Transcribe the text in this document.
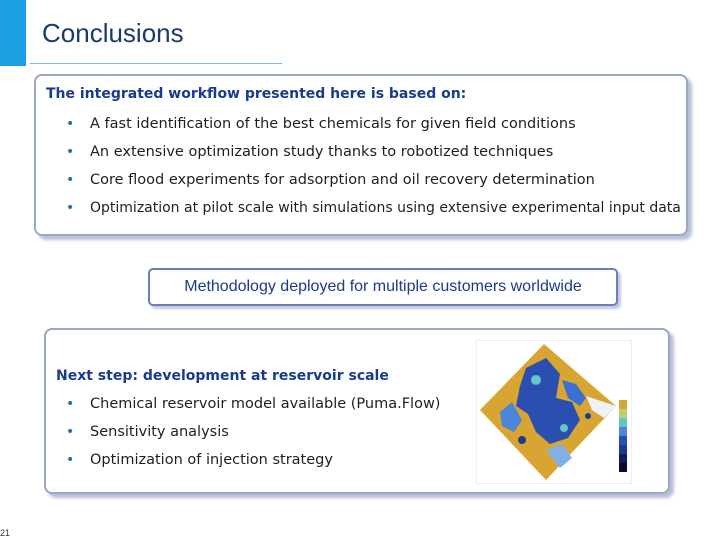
Conclusions
The integrated workflow presented here is based on:
• A fast identification of the best chemicals for given field conditions
• An extensive optimization study thanks to robotized techniques
• Core flood experiments for adsorption and oil recovery determination
• Optimization at pilot scale with simulations using extensive experimental input data
Methodology deployed for multiple customers worldwide
Next step: development at reservoir scale
• Chemical reservoir model available (Puma.Flow)
• Sensitivity analysis
• Optimization of injection strategy
21
